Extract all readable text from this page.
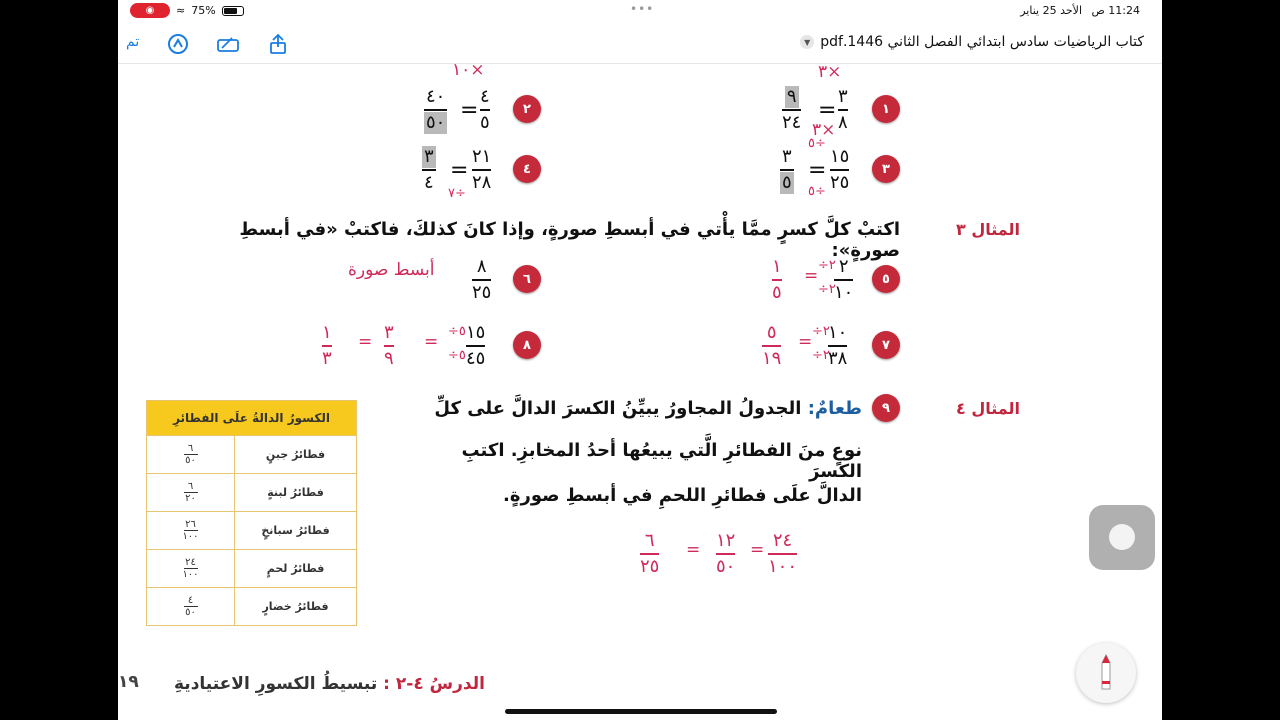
◉	≈ 75%	•••	11:24 ص الأحد 25 يناير
تم	كتاب الرياضيات سادس ابتدائي الفصل الثاني 1446.pdf
▼
١
٣
٨
=
٩
٢٤
٣×
٣×
٢
٤
٥
=
٤٠
٥٠
١٠×
٣
١٥
٢٥
=
٣
٥
٥÷
٥÷
٤
٢١
٢٨
=
٣
٤
٧÷
المثال ٣
اكتبْ كلَّ كسرٍ ممَّا يأْتي في أبسطِ صورةٍ، وإذا كانَ كذلكَ، فاكتبْ «في أبسطِ صورةٍ»:
٥
٢
١٠
÷٢
÷٢
=
١
٥
٦
٨
٢٥
أبسط صورة
٧
١٠
٣٨
÷٢
÷٢
=
٥
١٩
٨
١٥
٤٥
÷٥
÷٥
=
٣
٩
=
١
٣
المثال ٤
٩
طعامٌ: الجدولُ المجاورُ يبيِّنُ الكسرَ الدالَّ على كلِّ
نوعٍ منَ الفطائرِ الَّتي يبيعُها أحدُ المخابزِ. اكتبِ الكسرَ
الدالَّ علَى فطائرِ اللحمِ في أبسطِ صورةٍ.
٢٤
١٠٠
=
١٢
٥٠
=
٦
٢٥
الكسورُ الدالةُ علَى الفطائرِ
فطائرُ جبنٍ
٦
٥٠
فطائرُ لبنةٍ
٦
٢٠
فطائرُ سبانخٍ
٢٦
١٠٠
فطائرُ لحمٍ
٢٤
١٠٠
فطائرُ خضارٍ
٤
٥٠
الدرسُ ٤-٢ : تبسيطُ الكسورِ الاعتياديةِ
١٩
